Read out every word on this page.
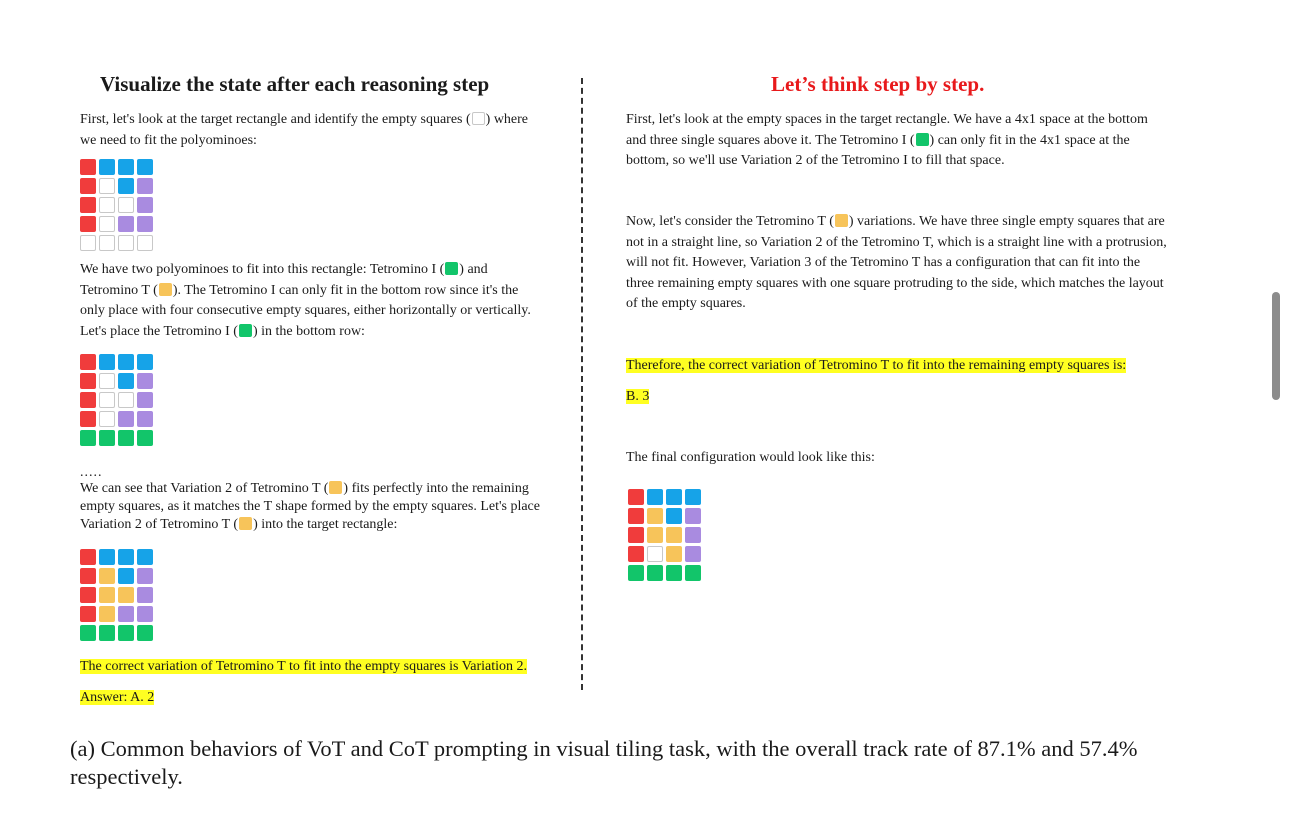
Visualize the state after each reasoning step

First, let's look at the target rectangle and identify the empty squares ( ) where we need to fit the polyominoes:

We have two polyominoes to fit into this rectangle: Tetromino I ( ) and Tetromino T ( ). The Tetromino I can only fit in the bottom row since it's the only place with four consecutive empty squares, either horizontally or vertically. Let's place the Tetromino I ( ) in the bottom row:

.....

We can see that Variation 2 of Tetromino T ( ) fits perfectly into the remaining empty squares, as it matches the T shape formed by the empty squares. Let's place Variation 2 of Tetromino T ( ) into the target rectangle:

The correct variation of Tetromino T to fit into the empty squares is Variation 2.
Answer: A. 2
Let’s think step by step.

First, let's look at the empty spaces in the target rectangle. We have a 4x1 space at the bottom and three single squares above it. The Tetromino I ( ) can only fit in the 4x1 space at the bottom, so we'll use Variation 2 of the Tetromino I to fill that space.

Now, let's consider the Tetromino T ( ) variations. We have three single empty squares that are not in a straight line, so Variation 2 of the Tetromino T, which is a straight line with a protrusion, will not fit. However, Variation 3 of the Tetromino T has a configuration that can fit into the three remaining empty squares with one square protruding to the side, which matches the layout of the empty squares.

Therefore, the correct variation of Tetromino T to fit into the remaining empty squares is:
B. 3
The final configuration would look like this:
(a) Common behaviors of VoT and CoT prompting in visual tiling task, with the overall track rate of 87.1% and 57.4% respectively.
